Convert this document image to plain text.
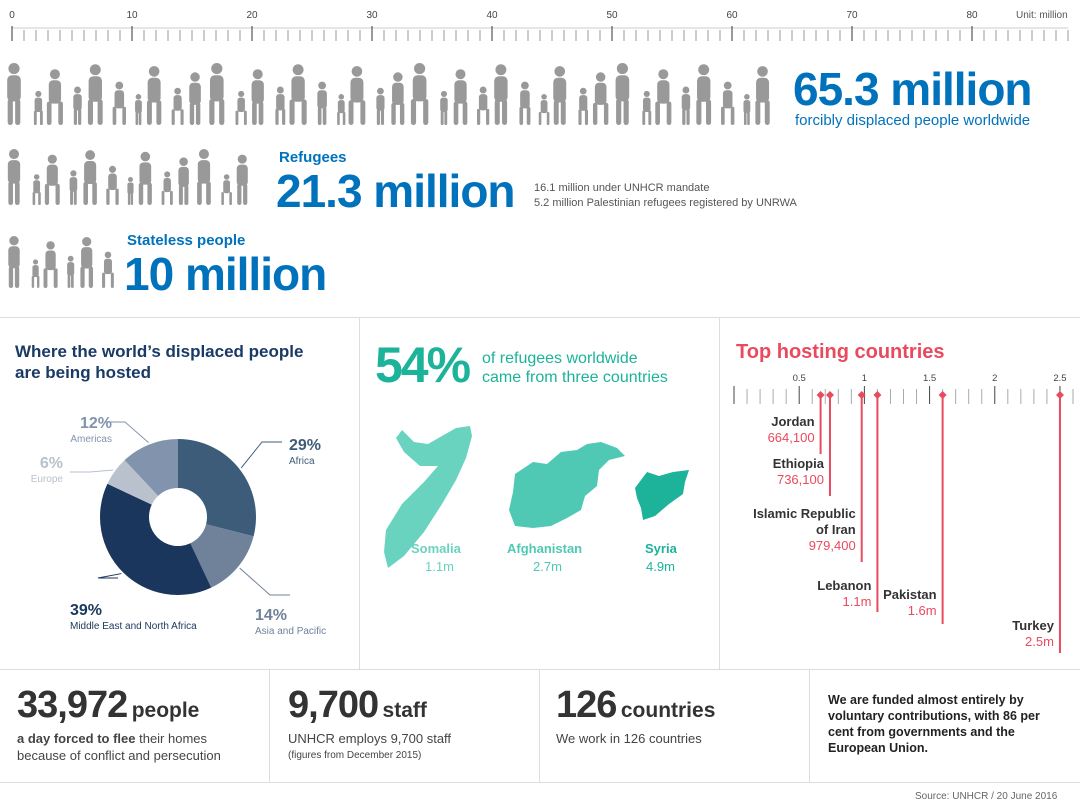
0	10	20	30	40	50	60	70	80	Unit: million
65.3 million
forcibly displaced people worldwide
Refugees
21.3 million 16.1 million under UNHCR mandate
5.2 million Palestinian refugees registered by UNRWA
Stateless people
10 million
Where the world’s displaced people
are being hosted
29%
Africa
14%
Asia and Pacific
39%
Middle East and North Africa
6%
Europe
12%
Americas
54% of refugees worldwide
came from three countries
Somalia
1.1m
Afghanistan
2.7m
Syria
4.9m
Top hosting countries
0.5	1	1.5	2	2.5
Jordan
664,100
Ethiopia
736,100
Islamic Republic
of Iran
979,400
Lebanon
1.1m Pakistan
1.6m
Turkey
2.5m
33,972 people
a day forced to flee their homes
because of conflict and persecution
9,700 staff
UNHCR employs 9,700 staff
(figures from December 2015)
126 countries
We work in 126 countries
We are funded almost entirely by voluntary contributions, with 86 per cent from governments and the European Union.
Source: UNHCR / 20 June 2016
